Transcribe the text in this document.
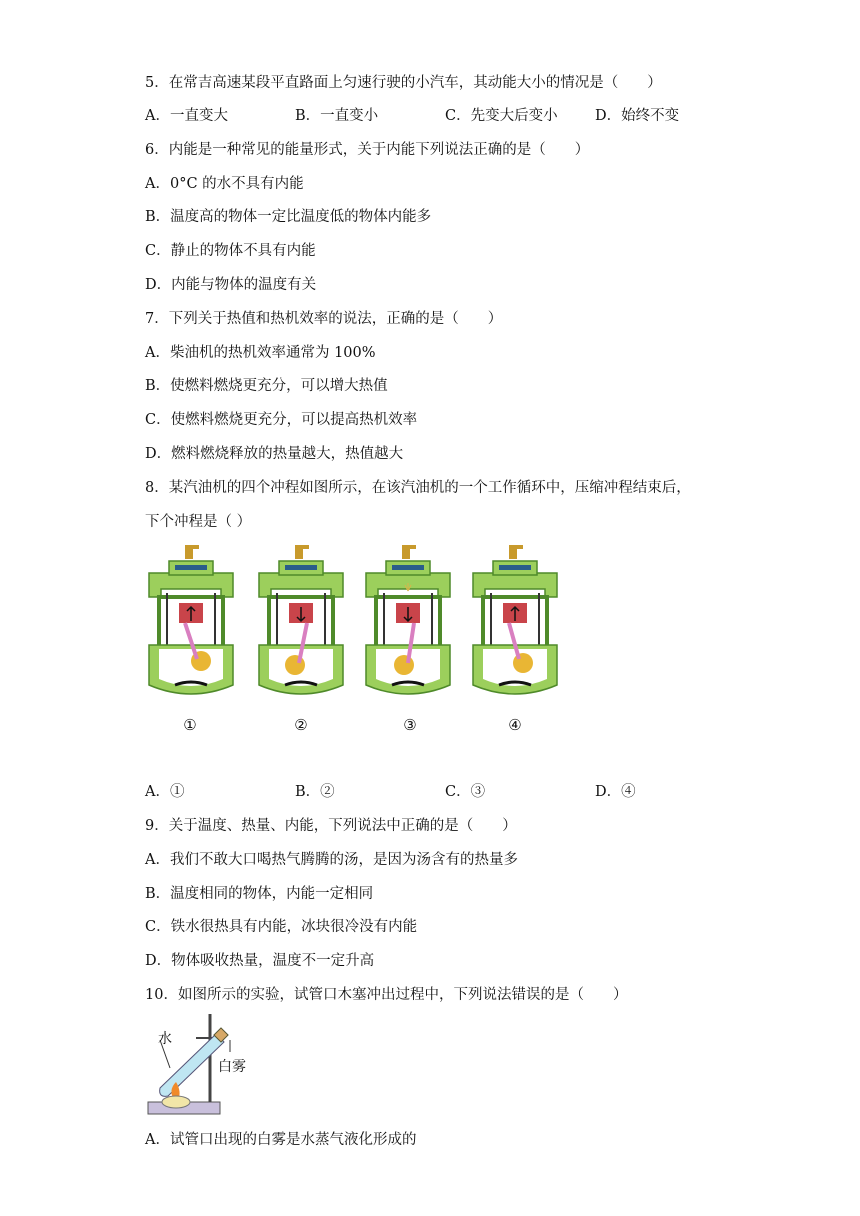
5．在常吉高速某段平直路面上匀速行驶的小汽车，其动能大小的情况是（　　）
A．一直变大	B．一直变小	C．先变大后变小	D．始终不变
6．内能是一种常见的能量形式，关于内能下列说法正确的是（　　）
A．0°C 的水不具有内能
B．温度高的物体一定比温度低的物体内能多
C．静止的物体不具有内能
D．内能与物体的温度有关
7．下列关于热值和热机效率的说法，正确的是（　　）
A．柴油机的热机效率通常为 100%
B．使燃料燃烧更充分，可以增大热值
C．使燃料燃烧更充分，可以提高热机效率
D．燃料燃烧释放的热量越大，热值越大
8．某汽油机的四个冲程如图所示，在该汽油机的一个工作循环中，压缩冲程结束后，
下个冲程是（ ）
①	②	③	④
A．①	B．②	C．③	D．④
9．关于温度、热量、内能，下列说法中正确的是（　　）
A．我们不敢大口喝热气腾腾的汤，是因为汤含有的热量多
B．温度相同的物体，内能一定相同
C．铁水很热具有内能，冰块很冷没有内能
D．物体吸收热量，温度不一定升高
10．如图所示的实验，试管口木塞冲出过程中，下列说法错误的是（　　）
水
白雾
A．试管口出现的白雾是水蒸气液化形成的
